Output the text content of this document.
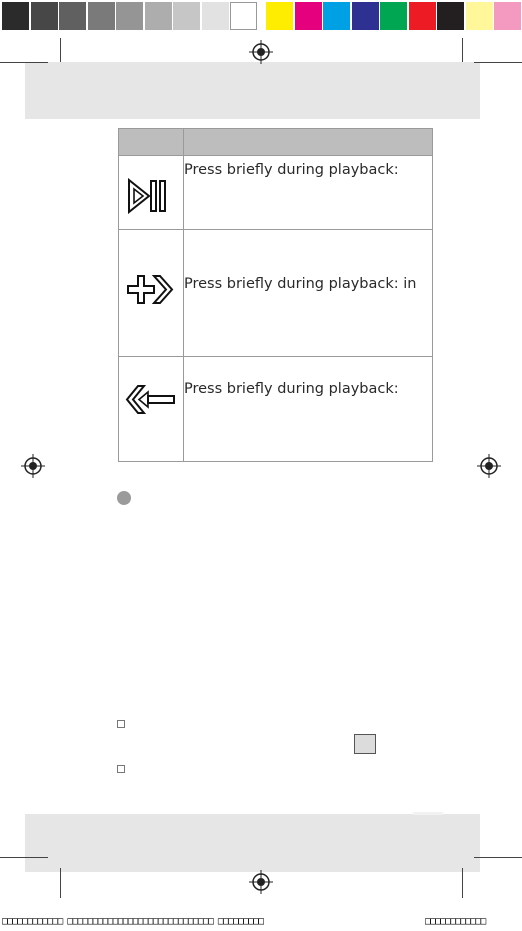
	Press briefly during playback:

	Press briefly during playback: in

	Press briefly during playback:
□□□□□□□□□□□□ □□□□□□□□□□□□□□□□□□□□□□□□□□□□□ □□□□□□□□□	□□□□□□□□□□□□
